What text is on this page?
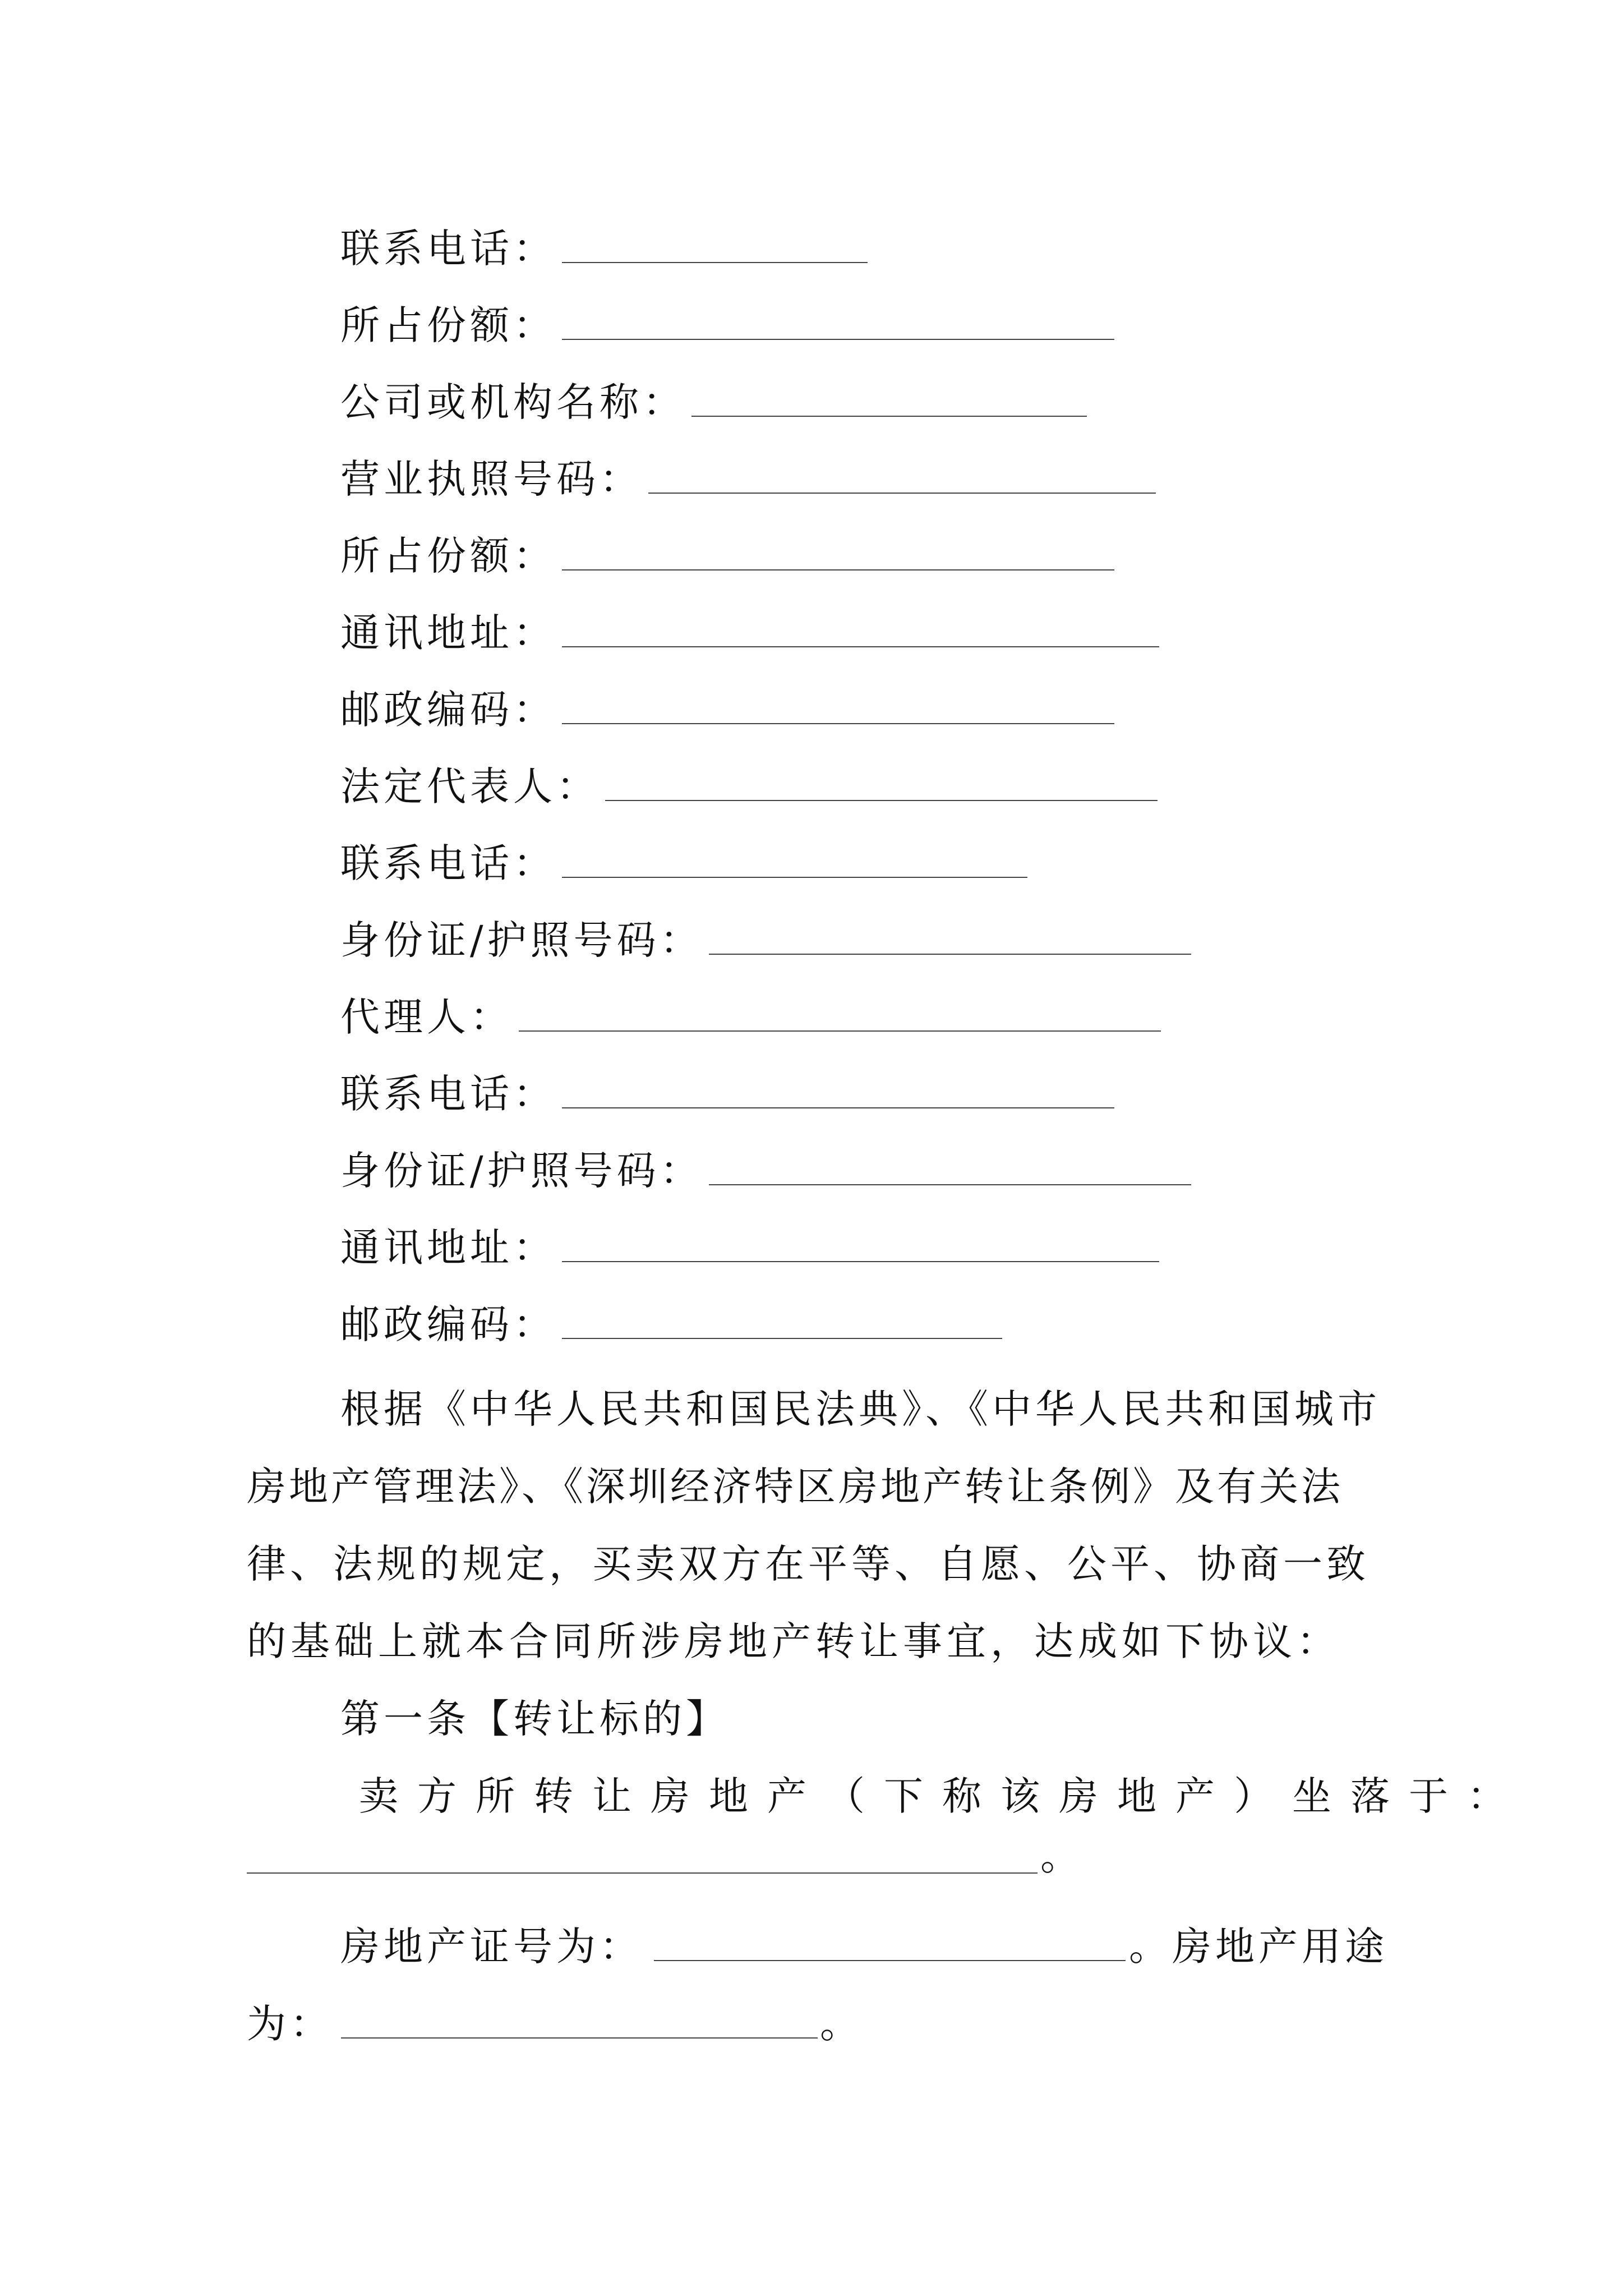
联系电话：
所占份额：
公司或机构名称：
营业执照号码：
所占份额：
通讯地址：
邮政编码：
法定代表人：
联系电话：
身份证/护照号码：
代理人：
联系电话：
身份证/护照号码：
通讯地址：
邮政编码：
根据《中华人民共和国民法典》、《中华人民共和国城市
房地产管理法》、《深圳经济特区房地产转让条例》及有关法
律、法规的规定，买卖双方在平等、自愿、公平、协商一致
的基础上就本合同所涉房地产转让事宜，达成如下协议：
第一条【转让标的】
卖方所转让房地产（下称该房地产）坐落于：
。
房地产证号为：	。房地产用途
为：	。
